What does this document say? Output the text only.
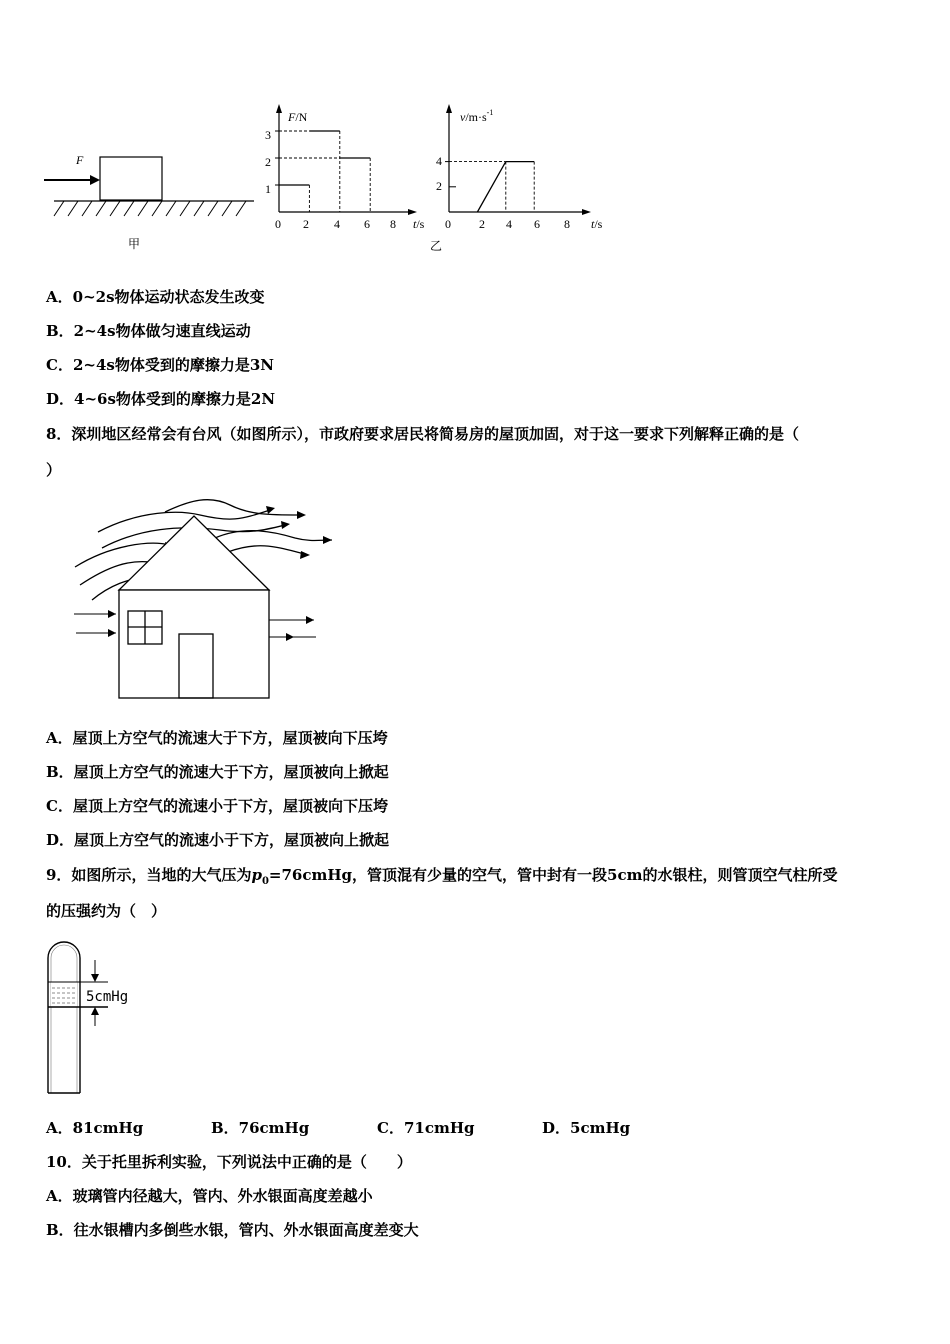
F
甲
F/N
t/s
1
2
3
0 2 4 6 8
$v/m\cdot s^{-1}$
t/s
2
4
0 2 4 6 8
乙
A．0~2s物体运动状态发生改变
B．2~4s物体做匀速直线运动
C．2~4s物体受到的摩擦力是3N
D．4~6s物体受到的摩擦力是2N
8．深圳地区经常会有台风（如图所示），市政府要求居民将简易房的屋顶加固，对于这一要求下列解释正确的是（
）
A．屋顶上方空气的流速大于下方，屋顶被向下压垮
B．屋顶上方空气的流速大于下方，屋顶被向上掀起
C．屋顶上方空气的流速小于下方，屋顶被向下压垮
D．屋顶上方空气的流速小于下方，屋顶被向上掀起
9．如图所示，当地的大气压为$p_0=76cmHg$，管顶混有少量的空气，管中封有一段5cm的水银柱，则管顶空气柱所受
的压强约为（　）
5cmHg
A．81cmHg	B．76cmHg	C．71cmHg	D．5cmHg
10．关于托里拆利实验，下列说法中正确的是（　　）
A．玻璃管内径越大，管内、外水银面高度差越小
B．往水银槽内多倒些水银，管内、外水银面高度差变大
